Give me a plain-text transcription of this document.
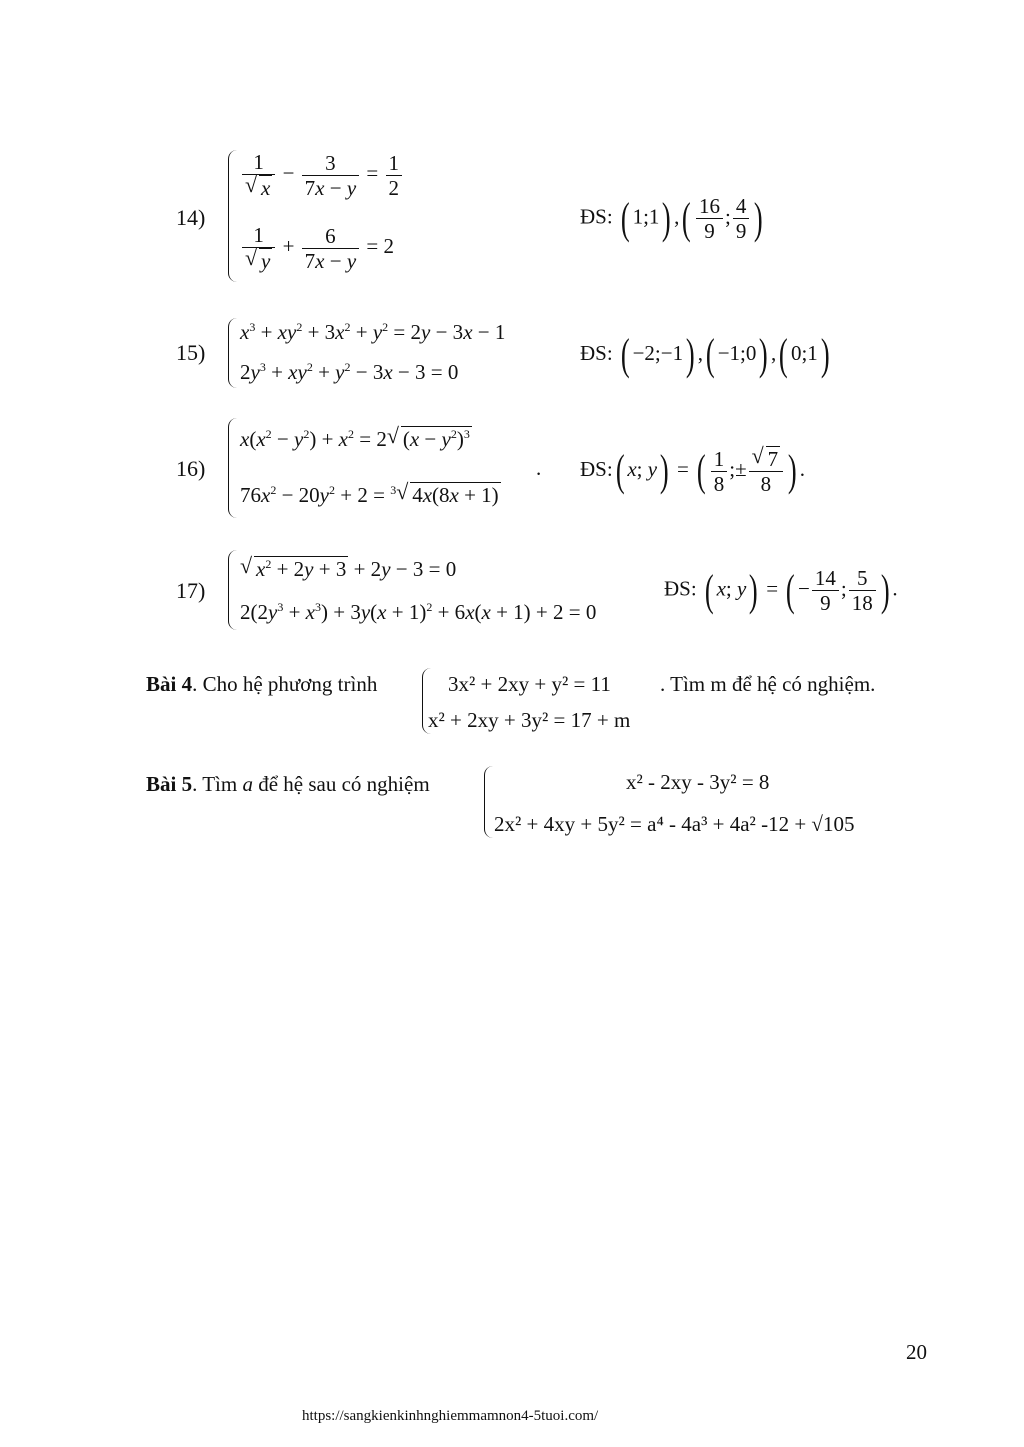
14)
1
√ $x - \frac{3}{7x - y} = \frac{1}{2}$
1
√ $y + \frac{6}{7x - y} = 2$
ĐS: ( 1;1) ,( $\frac{16}{9}$ ; $\frac{4}{9}$ )
15)
$x^3 + xy^2 + 3x^2 + y^2 = 2y - 3x - 1$
$2y^3 + xy^2 + y^2 - 3x - 3 = 0$
ĐS: ( −2;−1) ,( −1;0) ,( 0;1)
16)
$x(x^2 - y^2) + x^2 = 2√$ $(x - y^2)^3$
$76x^2 - 20y^2 + 2 = ^3√$ 4x(8x + 1)
. ĐS:( x; y) = ( $\frac{1}{8}$ ;±
√ $\frac{7}{8}$ ) .
17)
√ $x^2 + 2y + 3 + 2y - 3 = 0$
$2(2y^3 + x^3) + 3y(x + 1)^2 + 6x(x + 1) + 2 = 0$
ĐS: ( x; y) = ( − $\frac{14}{9}$ ; $\frac{5}{18}$ ) .
Bài 4. Cho hệ phương trình	3x² + 2xy + y² = 11
x² + 2xy + 3y² = 17 + m
. Tìm m để hệ có nghiệm.
Bài 5. Tìm a để hệ sau có nghiệm	x² - 2xy - 3y² = 8
2x² + 4xy + 5y² = a⁴ - 4a³ + 4a² -12 + √105
20
https://sangkienkinhnghiemmamnon4-5tuoi.com/
